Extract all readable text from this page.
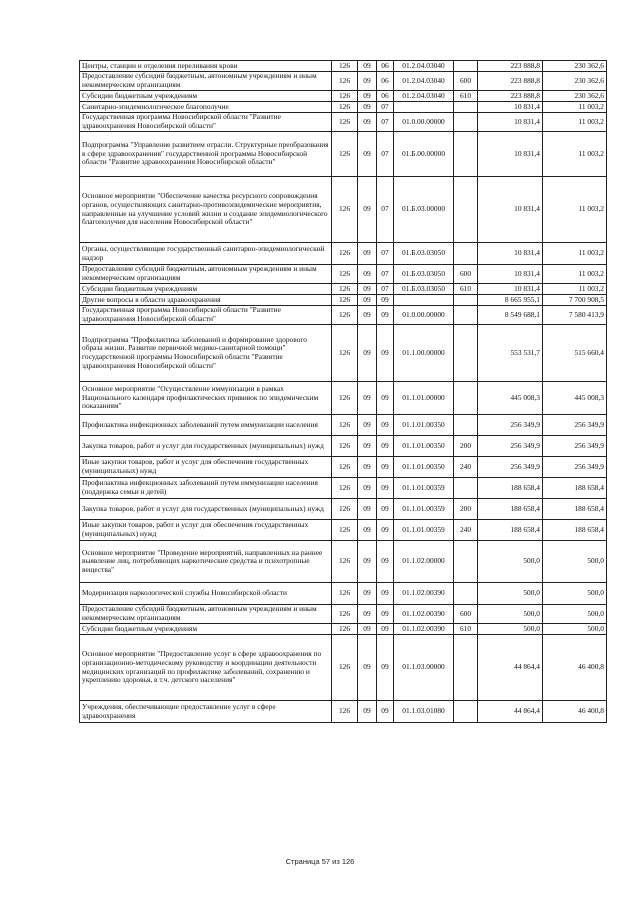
Центры, станции и отделения переливания крови	126	09	06	01.2.04.03040		223 888,8	230 362,6
Предоставление субсидий бюджетным, автономным учреждениям и иным некоммерческим организациям	126	09	06	01.2.04.03040	600	223 888,8	230 362,6
Субсидии бюджетным учреждениям	126	09	06	01.2.04.03040	610	223 888,8	230 362,6
Санитарно-эпидемиологическое благополучие	126	09	07			10 831,4	11 003,2
Государственная программа Новосибирской области "Развитие здравоохранения Новосибирской области"	126	09	07	01.0.00.00000		10 831,4	11 003,2
Подпрограмма "Управление развитием отрасли. Структурные преобразования в сфере здравоохранения" государственной программы Новосибирской области "Развитие здравоохранения Новосибирской области"	126	09	07	01.Б.00.00000		10 831,4	11 003,2
Основное мероприятие "Обеспечение качества ресурсного сопровождения органов, осуществляющих санитарно-противоэпидемические мероприятия, направленные на улучшение условий жизни и создание эпидемиологического благополучия для населения Новосибирской области"	126	09	07	01.Б.03.00000		10 831,4	11 003,2
Органы, осуществляющие государственный санитарно-эпидемиологический надзор	126	09	07	01.Б.03.03050		10 831,4	11 003,2
Предоставление субсидий бюджетным, автономным учреждениям и иным некоммерческим организациям	126	09	07	01.Б.03.03050	600	10 831,4	11 003,2
Субсидии бюджетным учреждениям	126	09	07	01.Б.03.03050	610	10 831,4	11 003,2
Другие вопросы в области здравоохранения	126	09	09			8 665 955,1	7 700 908,5
Государственная программа Новосибирской области "Развитие здравоохранения Новосибирской области"	126	09	09	01.0.00.00000		8 549 688,1	7 580 413,9
Подпрограмма "Профилактика заболеваний и формирование здорового образа жизни. Развитие первичной медико-санитарной помощи" государственной программы Новосибирской области "Развитие здравоохранения Новосибирской области"	126	09	09	01.1.00.00000		553 531,7	515 660,4
Основное мероприятие "Осуществление иммунизации в рамках Национального календаря профилактических прививок по эпидемическим показаниям"	126	09	09	01.1.01.00000		445 008,3	445 008,3
Профилактика инфекционных заболеваний путем иммунизации населения	126	09	09	01.1.01.00350		256 349,9	256 349,9
Закупка товаров, работ и услуг для государственных (муниципальных) нужд	126	09	09	01.1.01.00350	200	256 349,9	256 349,9
Иные закупки товаров, работ и услуг для обеспечения государственных (муниципальных) нужд	126	09	09	01.1.01.00350	240	256 349,9	256 349,9
Профилактика инфекционных заболеваний путем иммунизации населения (поддержка семьи и детей)	126	09	09	01.1.01.00359		188 658,4	188 658,4
Закупка товаров, работ и услуг для государственных (муниципальных) нужд	126	09	09	01.1.01.00359	200	188 658,4	188 658,4
Иные закупки товаров, работ и услуг для обеспечения государственных (муниципальных) нужд	126	09	09	01.1.01.00359	240	188 658,4	188 658,4
Основное мероприятие "Проведение мероприятий, направленных на раннее выявление лиц, потребляющих наркотические средства и психотропные вещества"	126	09	09	01.1.02.00000		500,0	500,0
Модернизация наркологической службы Новосибирской области	126	09	09	01.1.02.00390		500,0	500,0
Предоставление субсидий бюджетным, автономным учреждениям и иным некоммерческим организациям	126	09	09	01.1.02.00390	600	500,0	500,0
Субсидии бюджетным учреждениям	126	09	09	01.1.02.00390	610	500,0	500,0
Основное мероприятие "Предоставление услуг в сфере здравоохранения по организационно-методическому руководству и координации деятельности медицинских организаций по профилактике заболеваний, сохранению и укреплению здоровья, в т.ч. детского населения"	126	09	09	01.1.03.00000		44 864,4	46 400,8
Учреждения, обеспечивающие предоставление услуг в сфере здравоохранения	126	09	09	01.1.03.01080		44 864,4	46 400,8
Страница 57 из 126
